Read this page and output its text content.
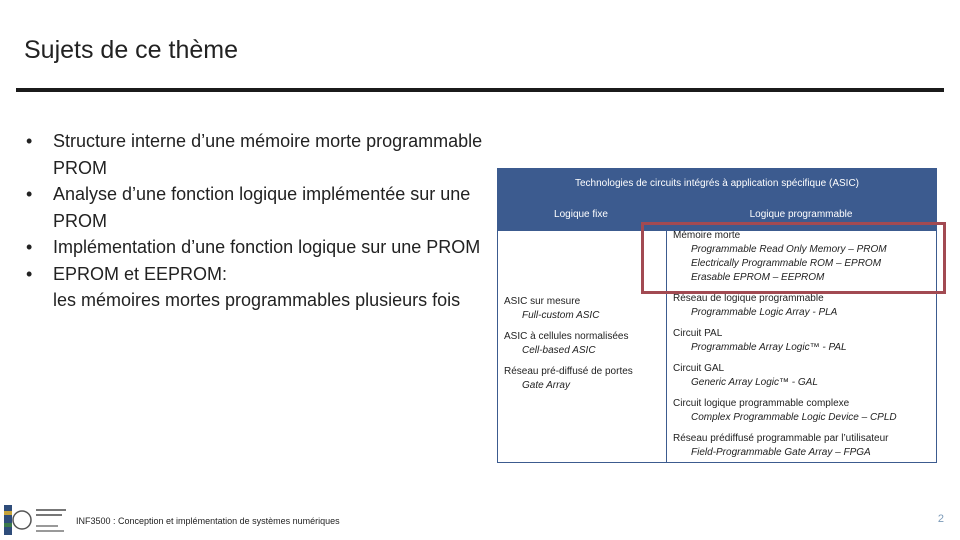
Sujets de ce thème
•	Structure interne d’une mémoire morte programmable PROM
•	Analyse d’une fonction logique implémentée sur une PROM
•	Implémentation d’une fonction logique sur une PROM
•	EPROM et EEPROM:
les mémoires mortes programmables plusieurs fois
Technologies de circuits intégrés à application spécifique (ASIC)
Logique fixe	Logique programmable
ASIC sur mesure
Full-custom ASIC
ASIC à cellules normalisées
Cell-based ASIC
Réseau pré-diffusé de portes
Gate Array
Mémoire morte
Programmable Read Only Memory – PROM
Electrically Programmable ROM – EPROM
Erasable EPROM – EEPROM
Réseau de logique programmable
Programmable Logic Array - PLA
Circuit PAL
Programmable Array Logic™ - PAL
Circuit GAL
Generic Array Logic™ - GAL
Circuit logique programmable complexe
Complex Programmable Logic Device – CPLD
Réseau prédiffusé programmable par l’utilisateur
Field-Programmable Gate Array – FPGA
INF3500 : Conception et implémentation de systèmes numériques	2
